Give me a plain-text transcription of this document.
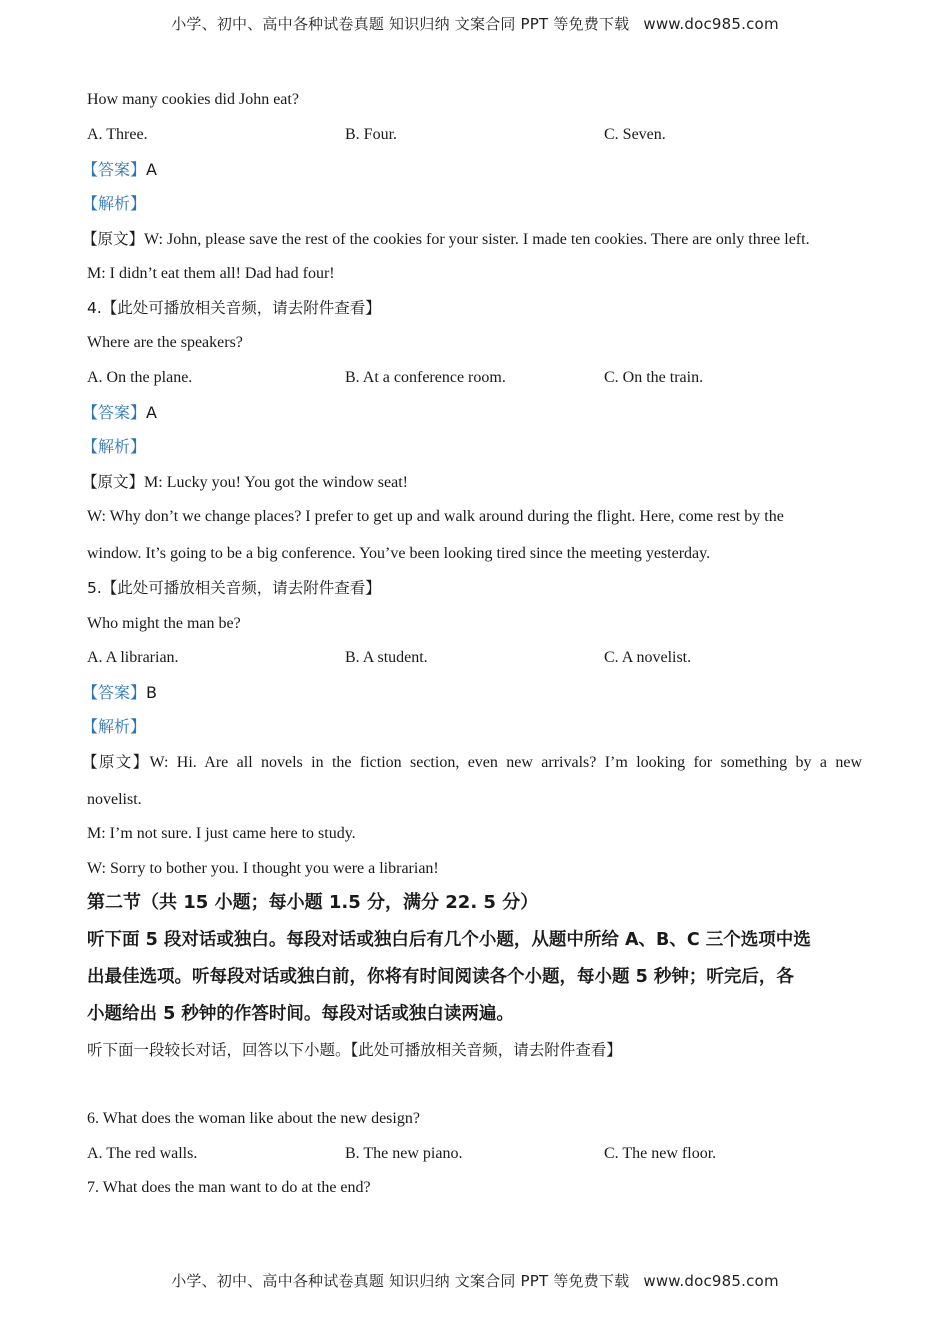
小学、初中、高中各种试卷真题 知识归纳 文案合同 PPT 等免费下载 www.doc985.com
How many cookies did John eat?
A. Three.	B. Four.	C. Seven.
【答案】A
【解析】
【原文】W: John, please save the rest of the cookies for your sister. I made ten cookies. There are only three left.
M: I didn’t eat them all! Dad had four!
4.【此处可播放相关音频，请去附件查看】
Where are the speakers?
A. On the plane.	B. At a conference room.	C. On the train.
【答案】A
【解析】
【原文】M: Lucky you! You got the window seat!
W: Why don’t we change places? I prefer to get up and walk around during the flight. Here, come rest by the
window. It’s going to be a big conference. You’ve been looking tired since the meeting yesterday.
5.【此处可播放相关音频，请去附件查看】
Who might the man be?
A. A librarian.	B. A student.	C. A novelist.
【答案】B
【解析】
【原文】W: Hi. Are all novels in the fiction section, even new arrivals? I’m looking for something by a new
novelist.
M: I’m not sure. I just came here to study.
W: Sorry to bother you. I thought you were a librarian!
第二节（共 15 小题；每小题 1.5 分，满分 22. 5 分）
听下面 5 段对话或独白。每段对话或独白后有几个小题，从题中所给 A、B、C 三个选项中选
出最佳选项。听每段对话或独白前，你将有时间阅读各个小题，每小题 5 秒钟；听完后，各
小题给出 5 秒钟的作答时间。每段对话或独白读两遍。
听下面一段较长对话，回答以下小题。【此处可播放相关音频，请去附件查看】
6. What does the woman like about the new design?
A. The red walls.	B. The new piano.	C. The new floor.
7. What does the man want to do at the end?
小学、初中、高中各种试卷真题 知识归纳 文案合同 PPT 等免费下载 www.doc985.com
